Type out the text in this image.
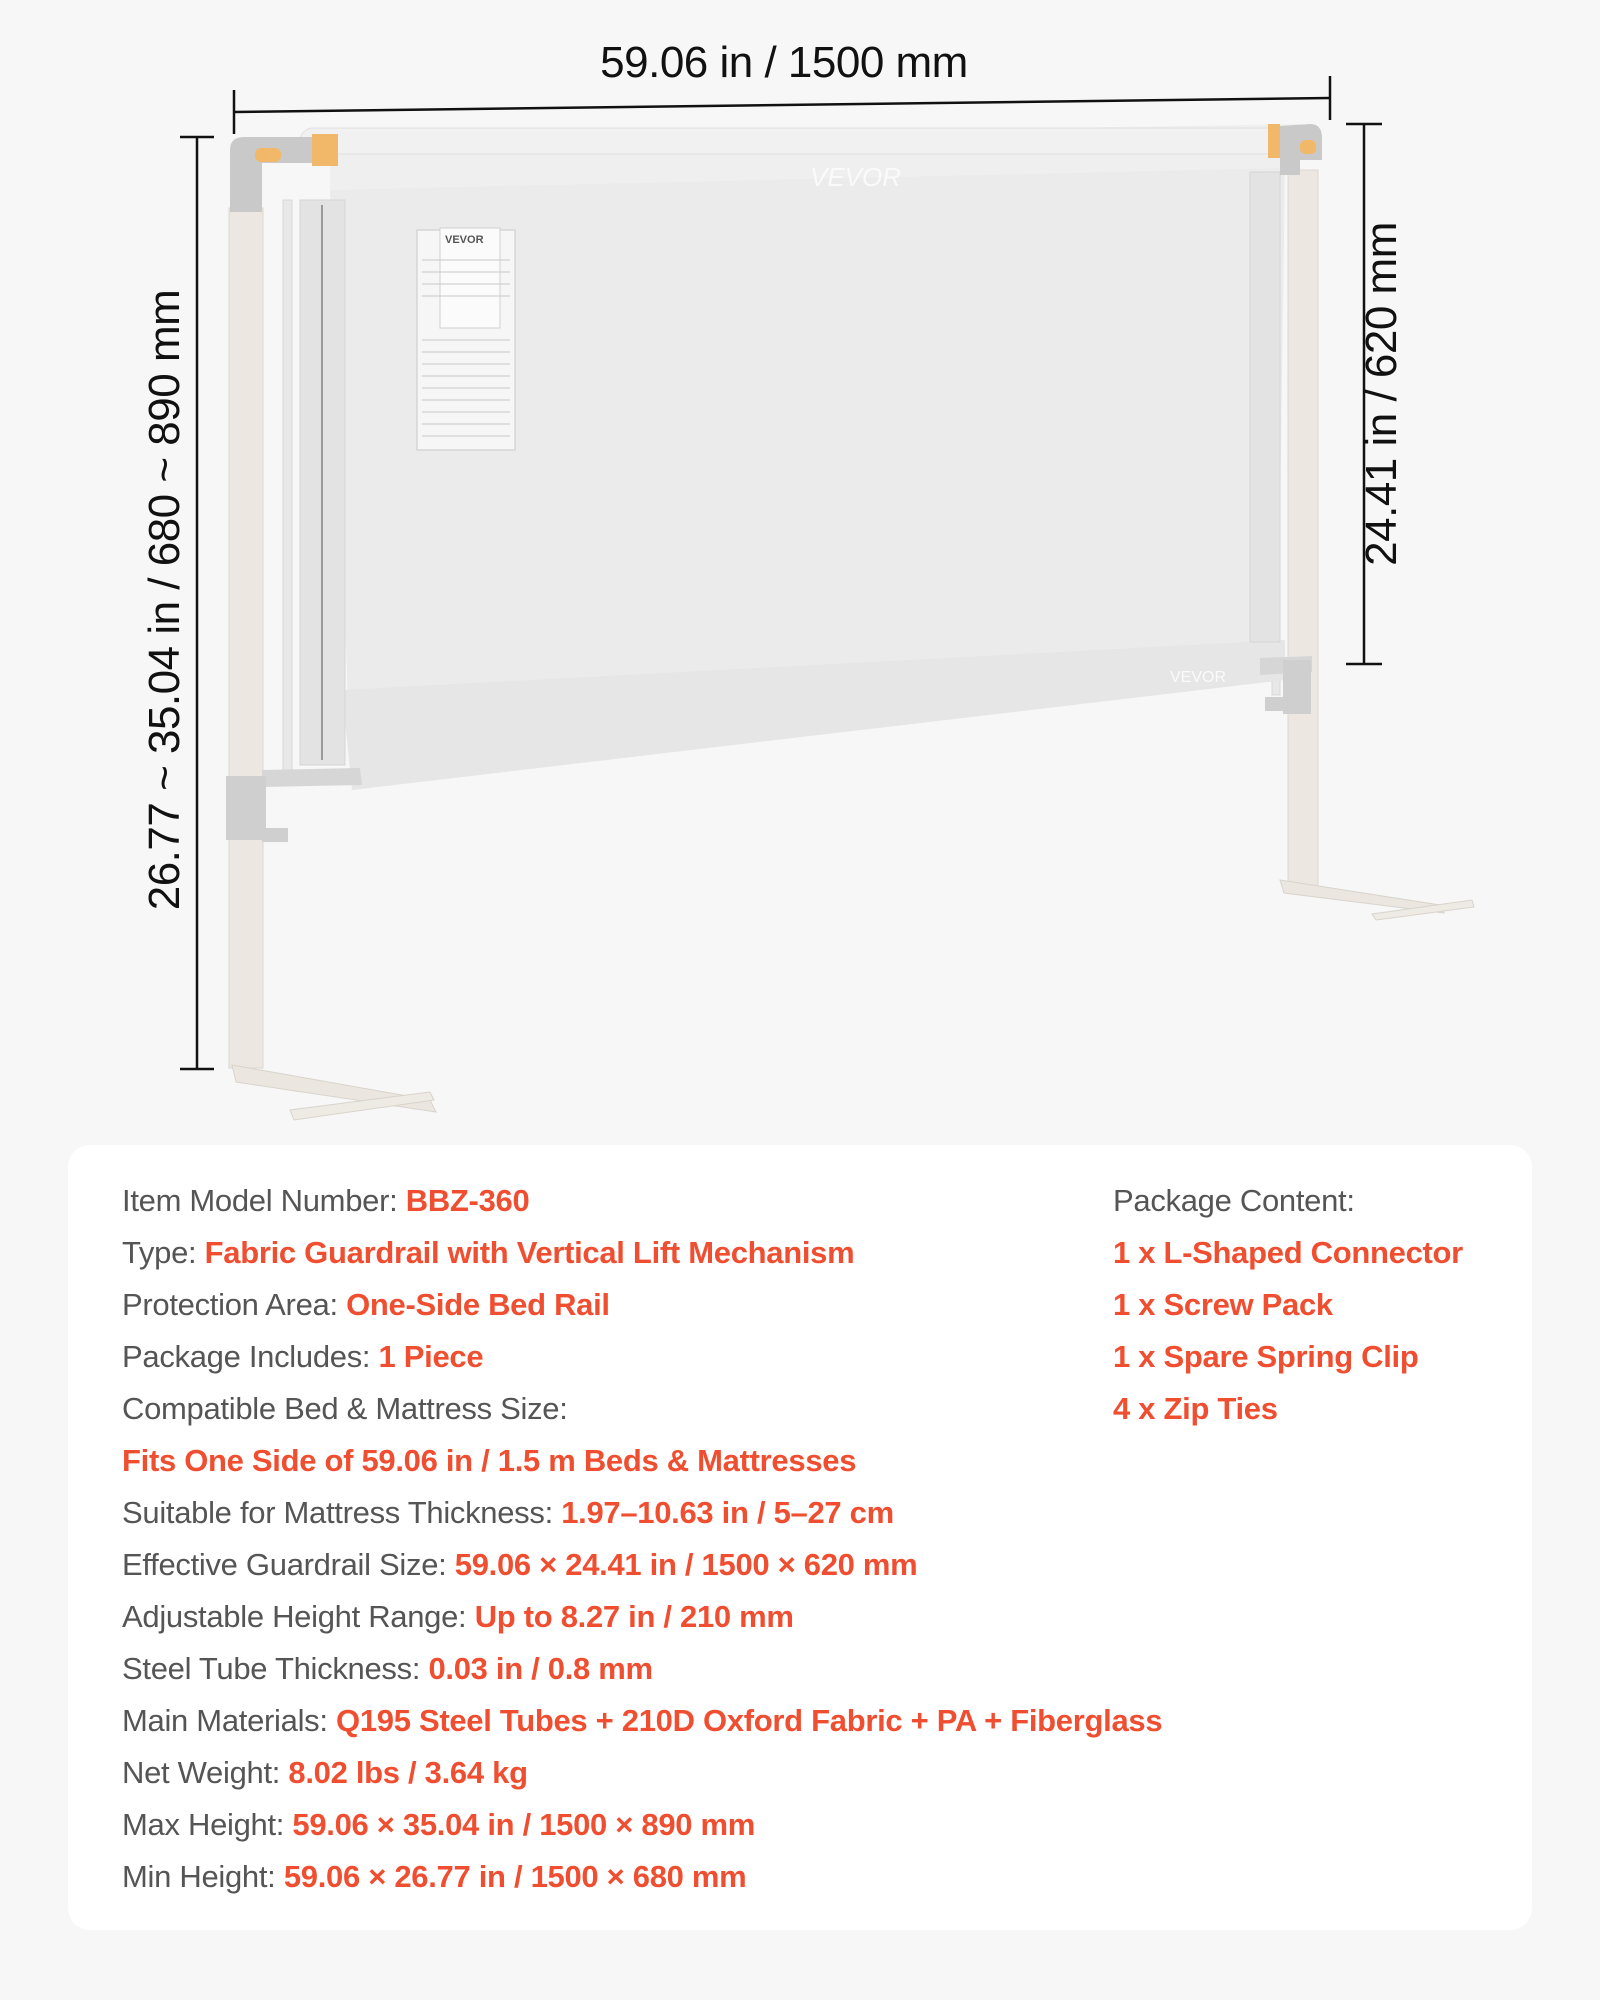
VEVOR
VEVOR
VEVOR
59.06 in / 1500 mm
26.77 ~ 35.04 in / 680 ~ 890 mm	24.41 in / 620 mm
Item Model Number: BBZ-360
Type: Fabric Guardrail with Vertical Lift Mechanism
Protection Area: One-Side Bed Rail
Package Includes: 1 Piece
Compatible Bed & Mattress Size:
Fits One Side of 59.06 in / 1.5 m Beds & Mattresses
Suitable for Mattress Thickness: 1.97–10.63 in / 5–27 cm
Effective Guardrail Size: 59.06 × 24.41 in / 1500 × 620 mm
Adjustable Height Range: Up to 8.27 in / 210 mm
Steel Tube Thickness: 0.03 in / 0.8 mm
Main Materials: Q195 Steel Tubes + 210D Oxford Fabric + PA + Fiberglass
Net Weight: 8.02 lbs / 3.64 kg
Max Height: 59.06 × 35.04 in / 1500 × 890 mm
Min Height: 59.06 × 26.77 in / 1500 × 680 mm
Package Content:
1 x L-Shaped Connector
1 x Screw Pack
1 x Spare Spring Clip
4 x Zip Ties
